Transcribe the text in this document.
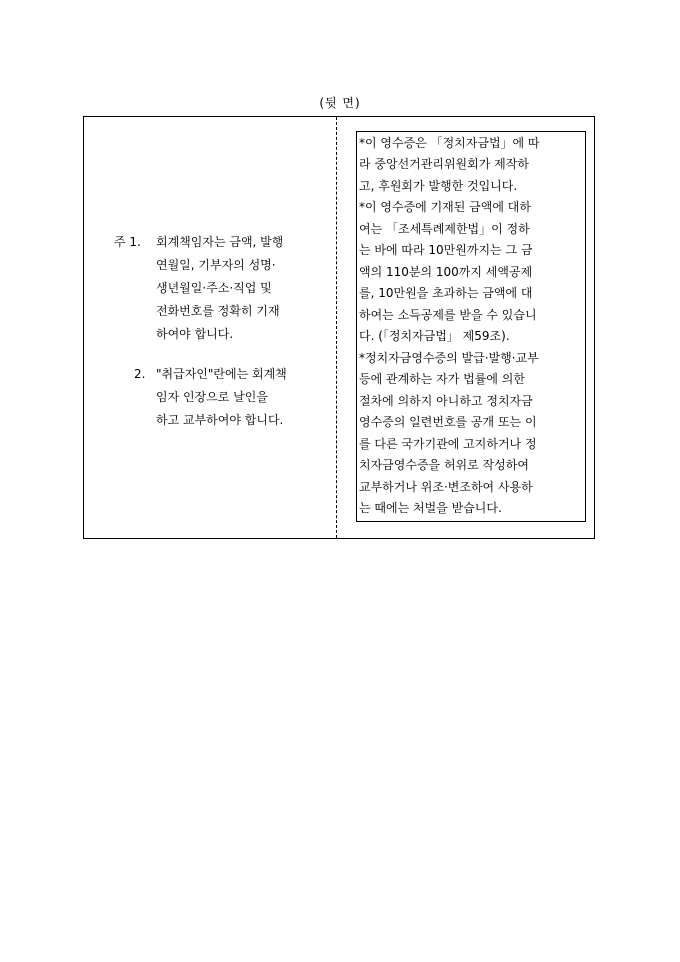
(뒷 면)
주 1. 회계책임자는 금액, 발행
연월일, 기부자의 성명·
생년월일·주소·직업 및
전화번호를 정확히 기재
하여야 합니다.
2. "취급자인"란에는 회계책
임자 인장으로 날인을
하고 교부하여야 합니다.
*이 영수증은 「정치자금법」에 따
라 중앙선거관리위원회가 제작하
고, 후원회가 발행한 것입니다.
*이 영수증에 기재된 금액에 대하
여는 「조세특례제한법」이 정하
는 바에 따라 10만원까지는 그 금
액의 110분의 100까지 세액공제
를, 10만원을 초과하는 금액에 대
하여는 소득공제를 받을 수 있습니
다. (「정치자금법」 제59조).
*정치자금영수증의 발급·발행·교부
등에 관계하는 자가 법률에 의한
절차에 의하지 아니하고 정치자금
영수증의 일련번호를 공개 또는 이
를 다른 국가기관에 고지하거나 정
치자금영수증을 허위로 작성하여
교부하거나 위조·변조하여 사용하
는 때에는 처벌을 받습니다.
